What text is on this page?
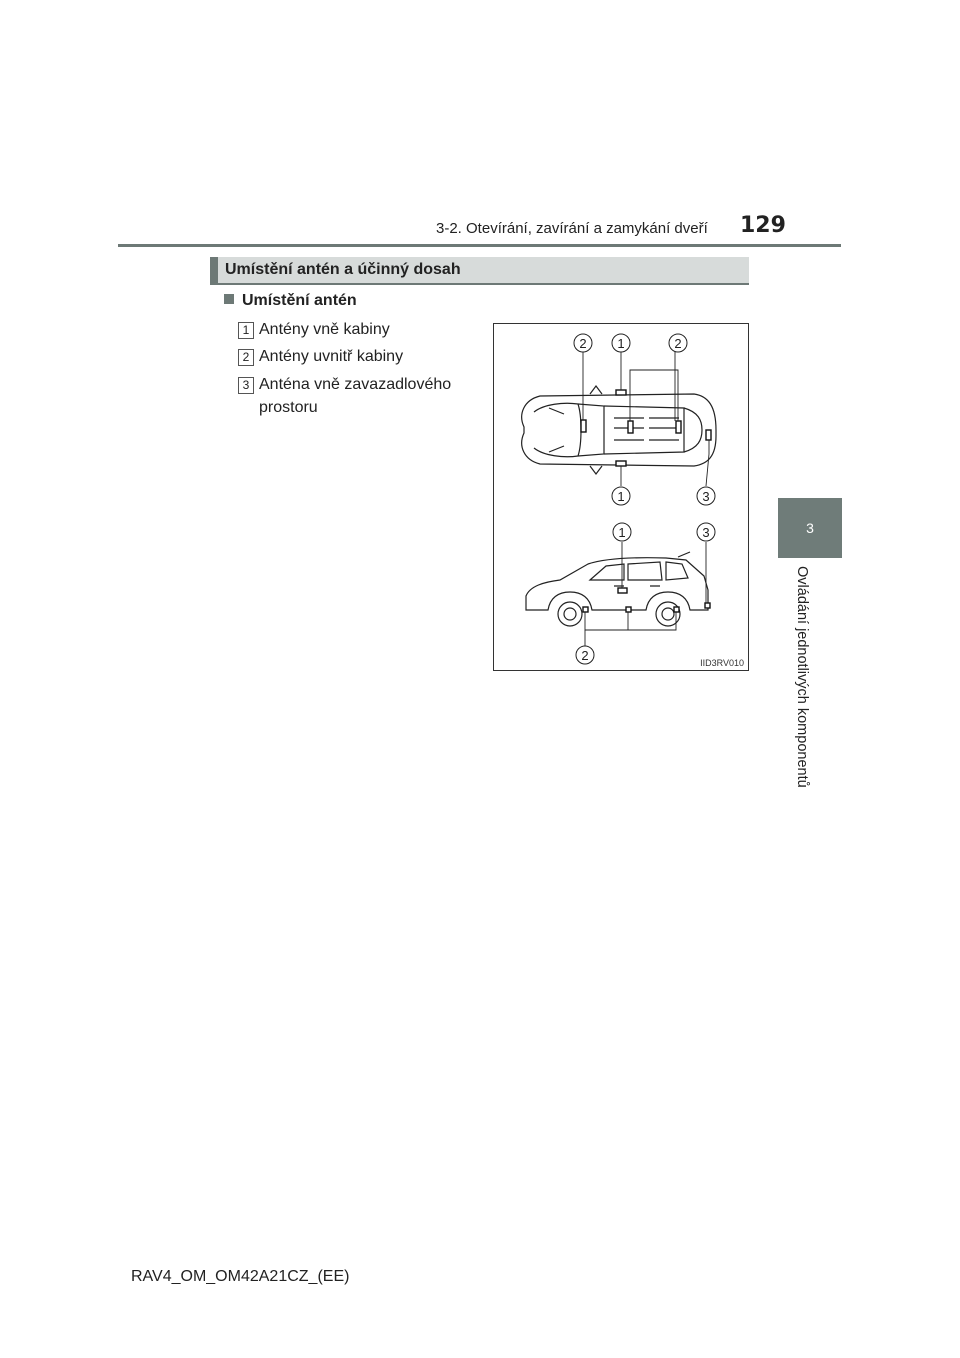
3-2. Otevírání, zavírání a zamykání dveří 129
3
Ovládání jednotlivých komponentů
Umístění antén a účinný dosah
Umístění antén
1 Antény vně kabiny
2 Antény uvnitř kabiny
3 Anténa vně zavazadlového prostoru
2 1	2
1	3
1	3
2	IID3RV010
RAV4_OM_OM42A21CZ_(EE)
